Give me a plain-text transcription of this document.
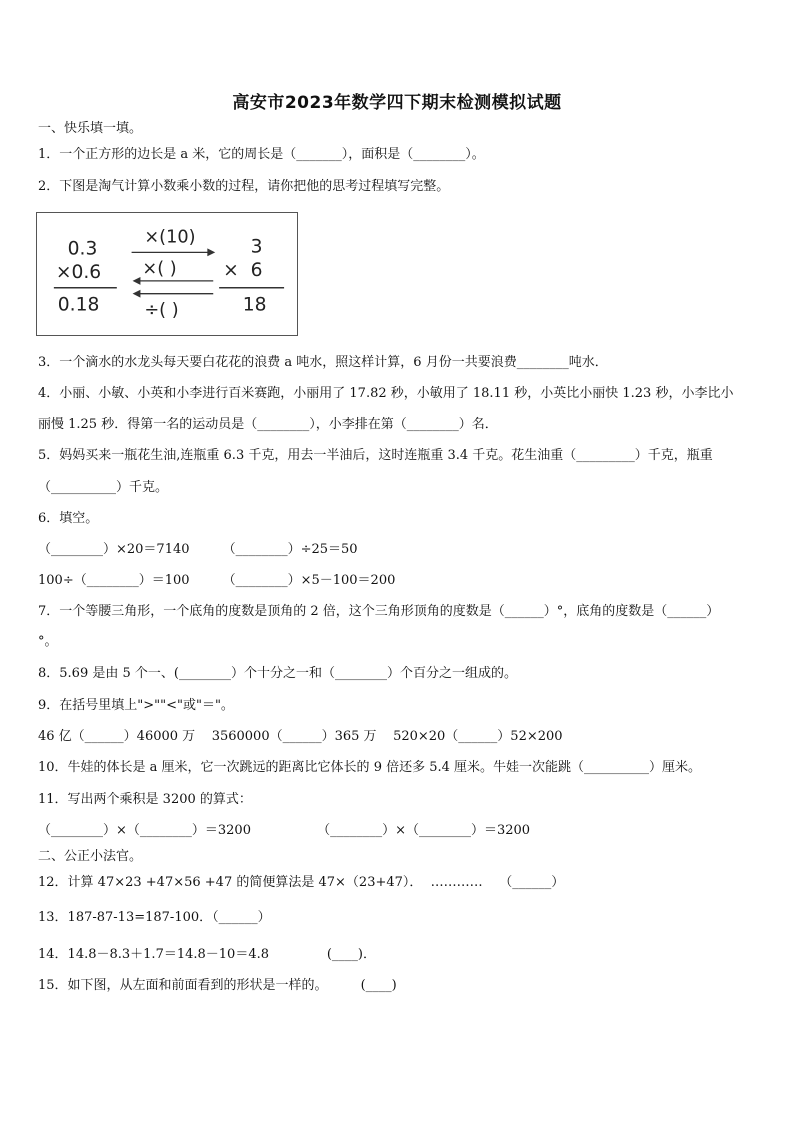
高安市2023年数学四下期末检测模拟试题
一、快乐填一填。
1．一个正方形的边长是 a 米，它的周长是（_______），面积是（________）。
2．下图是淘气计算小数乘小数的过程，请你把他的思考过程填写完整。
0.3
×0.6
0.18
×(10)
×( )
÷( )
3
× 6
18
3．一个滴水的水龙头每天要白花花的浪费 a 吨水，照这样计算，6 月份一共要浪费________吨水．
4．小丽、小敏、小英和小李进行百米赛跑，小丽用了 17.82 秒，小敏用了 18.11 秒，小英比小丽快 1.23 秒，小李比小
丽慢 1.25 秒．得第一名的运动员是（________），小李排在第（________）名．
5．妈妈买来一瓶花生油,连瓶重 6.3 千克，用去一半油后，这时连瓶重 3.4 千克。花生油重（_________）千克，瓶重
（__________）千克。
6．填空。
（________）×20＝7140        （________）÷25＝50
100÷（________）＝100        （________）×5－100＝200
7．一个等腰三角形，一个底角的度数是顶角的 2 倍，这个三角形顶角的度数是（______）°，底角的度数是（______）
°。
8．5.69 是由 5 个一、(________）个十分之一和（________）个百分之一组成的。
9．在括号里填上">""<"或"＝"。
46 亿（______）46000 万    3560000（______）365 万    520×20（______）52×200
10．牛娃的体长是 a 厘米，它一次跳远的距离比它体长的 9 倍还多 5.4 厘米。牛娃一次能跳（__________）厘米。
11．写出两个乘积是 3200 的算式：
（________）×（________）＝3200                （________）×（________）＝3200
二、公正小法官。
12．计算 47×23 +47×56 +47 的简便算法是 47×（23+47）．  …………    （______）
13．187-87-13=187-100．（______）
14．14.8－8.3＋1.7＝14.8－10＝4.8              (____)．
15．如下图，从左面和前面看到的形状是一样的。        (____)
